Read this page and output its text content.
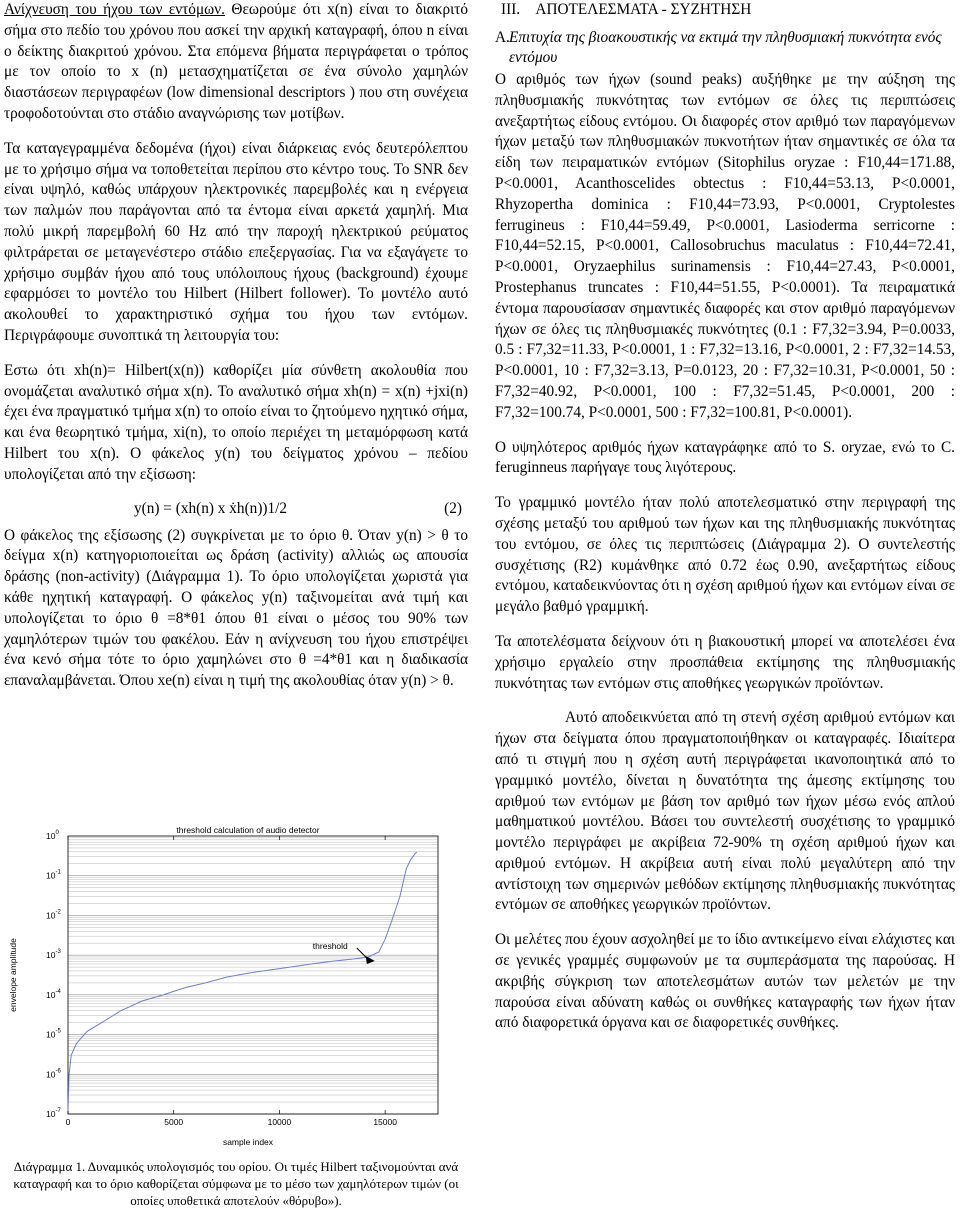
Ανίχνευση του ήχου των εντόμων. Θεωρούμε ότι x(n) είναι το διακριτό σήμα στο πεδίο του χρόνου που ασκεί την αρχική καταγραφή, όπου n είναι ο δείκτης διακριτού χρόνου. Στα επόμενα βήματα περιγράφεται ο τρόπος με τον οποίο το x (n) μετασχηματίζεται σε ένα σύνολο χαμηλών διαστάσεων περιγραφέων (low dimensional descriptors ) που στη συνέχεια τροφοδοτούνται στο στάδιο αναγνώρισης των μοτίβων.

Τα καταγεγραμμένα δεδομένα (ήχοι) είναι διάρκειας ενός δευτερόλεπτου με το χρήσιμο σήμα να τοποθετείται περίπου στο κέντρο τους. Το SNR δεν είναι υψηλό, καθώς υπάρχουν ηλεκτρονικές παρεμβολές και η ενέργεια των παλμών που παράγονται από τα έντομα είναι αρκετά χαμηλή. Μια πολύ μικρή παρεμβολή 60 Hz από την παροχή ηλεκτρικού ρεύματος φιλτράρεται σε μεταγενέστερο στάδιο επεξεργασίας. Για να εξαγάγετε το χρήσιμο συμβάν ήχου από τους υπόλοιπους ήχους (background) έχουμε εφαρμόσει το μοντέλο του Hilbert (Hilbert follower). Το μοντέλο αυτό ακολουθεί το χαρακτηριστικό σχήμα του ήχου των εντόμων. Περιγράφουμε συνοπτικά τη λειτουργία του:

Εστω ότι xh(n)= Hilbert(x(n)) καθορίζει μία σύνθετη ακολουθία που ονομάζεται αναλυτικό σήμα x(n). Το αναλυτικό σήμα xh(n) = x(n) +jxi(n) έχει ένα πραγματικό τμήμα x(n) το οποίο είναι το ζητούμενο ηχητικό σήμα, και ένα θεωρητικό τμήμα, xi(n), το οποίο περιέχει τη μεταμόρφωση κατά Hilbert του x(n). Ο φάκελος y(n) του δείγματος χρόνου – πεδίου υπολογίζεται από την εξίσωση:

y(n) = (xh(n) x ẋh(n))1/2	(2)

Ο φάκελος της εξίσωσης (2) συγκρίνεται με το όριο θ. Όταν y(n) > θ το δείγμα x(n) κατηγοριοποιείται ως δράση (activity) αλλιώς ως απουσία δράσης (non-activity) (Διάγραμμα 1). Το όριο υπολογίζεται χωριστά για κάθε ηχητική καταγραφή. Ο φάκελος y(n) ταξινομείται ανά τιμή και υπολογίζεται το όριο θ =8*θ1 όπου θ1 είναι ο μέσος του 90% των χαμηλότερων τιμών του φακέλου. Εάν η ανίχνευση του ήχου επιστρέψει ένα κενό σήμα τότε το όριο χαμηλώνει στο θ =4*θ1 και η διαδικασία επαναλαμβάνεται. Όπου xe(n) είναι η τιμή της ακολουθίας όταν y(n) > θ.

threshold calculation of audio detector
sample index
envelope amplitude
0	5000	10000	15000
$10^{-7}$
$10^{-6}$
$10^{-5}$
$10^{-4}$
$10^{-3}$
$10^{-2}$
$10^{-1}$
$10^0$
threshold
Διάγραμμα 1. Δυναμικός υπολογισμός του ορίου. Οι τιμές Hilbert ταξινομούνται ανά καταγραφή και το όριο καθορίζεται σύμφωνα με το μέσο των χαμηλότερων τιμών (οι οποίες υποθετικά αποτελούν «θόρυβο»).
III. ΑΠΟΤΕΛΕΣΜΑΤΑ - ΣΥΖΗΤΗΣΗ
A. Επιτυχία της βιοακουστικής να εκτιμά την πληθυσμιακή πυκνότητα ενός εντόμου

Ο αριθμός των ήχων (sound peaks) αυξήθηκε με την αύξηση της πληθυσμιακής πυκνότητας των εντόμων σε όλες τις περιπτώσεις ανεξαρτήτως είδους εντόμου. Οι διαφορές στον αριθμό των παραγόμενων ήχων μεταξύ των πληθυσμιακών πυκνοτήτων ήταν σημαντικές σε όλα τα είδη των πειραματικών εντόμων (Sitophilus oryzae : F10,44=171.88, P<0.0001, Acanthoscelides obtectus : F10,44=53.13, P<0.0001, Rhyzopertha dominica : F10,44=73.93, P<0.0001, Cryptolestes ferrugineus : F10,44=59.49, P<0.0001, Lasioderma serricorne : F10,44=52.15, P<0.0001, Callosobruchus maculatus : F10,44=72.41, P<0.0001, Oryzaephilus surinamensis : F10,44=27.43, P<0.0001, Prostephanus truncates : F10,44=51.55, P<0.0001). Τα πειραματικά έντομα παρουσίασαν σημαντικές διαφορές και στον αριθμό παραγόμενων ήχων σε όλες τις πληθυσμιακές πυκνότητες (0.1 : F7,32=3.94, P=0.0033, 0.5 : F7,32=11.33, P<0.0001, 1 : F7,32=13.16, P<0.0001, 2 : F7,32=14.53, P<0.0001, 10 : F7,32=3.13, P=0.0123, 20 : F7,32=10.31, P<0.0001, 50 : F7,32=40.92, P<0.0001, 100 : F7,32=51.45, P<0.0001, 200 : F7,32=100.74, P<0.0001, 500 : F7,32=100.81, P<0.0001).

Ο υψηλότερος αριθμός ήχων καταγράφηκε από το S. oryzae, ενώ το C. feruginneus παρήγαγε τους λιγότερους.

Το γραμμικό μοντέλο ήταν πολύ αποτελεσματικό στην περιγραφή της σχέσης μεταξύ του αριθμού των ήχων και της πληθυσμιακής πυκνότητας του εντόμου, σε όλες τις περιπτώσεις (Διάγραμμα 2). Ο συντελεστής συσχέτισης (R2) κυμάνθηκε από 0.72 έως 0.90, ανεξαρτήτως είδους εντόμου, καταδεικνύοντας ότι η σχέση αριθμού ήχων και εντόμων είναι σε μεγάλο βαθμό γραμμική.

Τα αποτελέσματα δείχνουν ότι η βιακουστική μπορεί να αποτελέσει ένα χρήσιμο εργαλείο στην προσπάθεια εκτίμησης της πληθυσμιακής πυκνότητας των εντόμων στις αποθήκες γεωργικών προϊόντων.

Αυτό αποδεικνύεται από τη στενή σχέση αριθμού εντόμων και ήχων στα δείγματα όπου πραγματοποιήθηκαν οι καταγραφές. Ιδιαίτερα από τι στιγμή που η σχέση αυτή περιγράφεται ικανοποιητικά από το γραμμικό μοντέλο, δίνεται η δυνατότητα της άμεσης εκτίμησης του αριθμού των εντόμων με βάση τον αριθμό των ήχων μέσω ενός απλού μαθηματικού μοντέλου. Βάσει του συντελεστή συσχέτισης το γραμμικό μοντέλο περιγράφει με ακρίβεια 72-90% τη σχέση αριθμού ήχων και αριθμού εντόμων. Η ακρίβεια αυτή είναι πολύ μεγαλύτερη από την αντίστοιχη των σημερινών μεθόδων εκτίμησης πληθυσμιακής πυκνότητας εντόμων σε αποθήκες γεωργικών προϊόντων.

Οι μελέτες που έχουν ασχοληθεί με το ίδιο αντικείμενο είναι ελάχιστες και σε γενικές γραμμές συμφωνούν με τα συμπεράσματα της παρούσας. Η ακριβής σύγκριση των αποτελεσμάτων αυτών των μελετών με την παρούσα είναι αδύνατη καθώς οι συνθήκες καταγραφής των ήχων ήταν από διαφορετικά όργανα και σε διαφορετικές συνθήκες.
